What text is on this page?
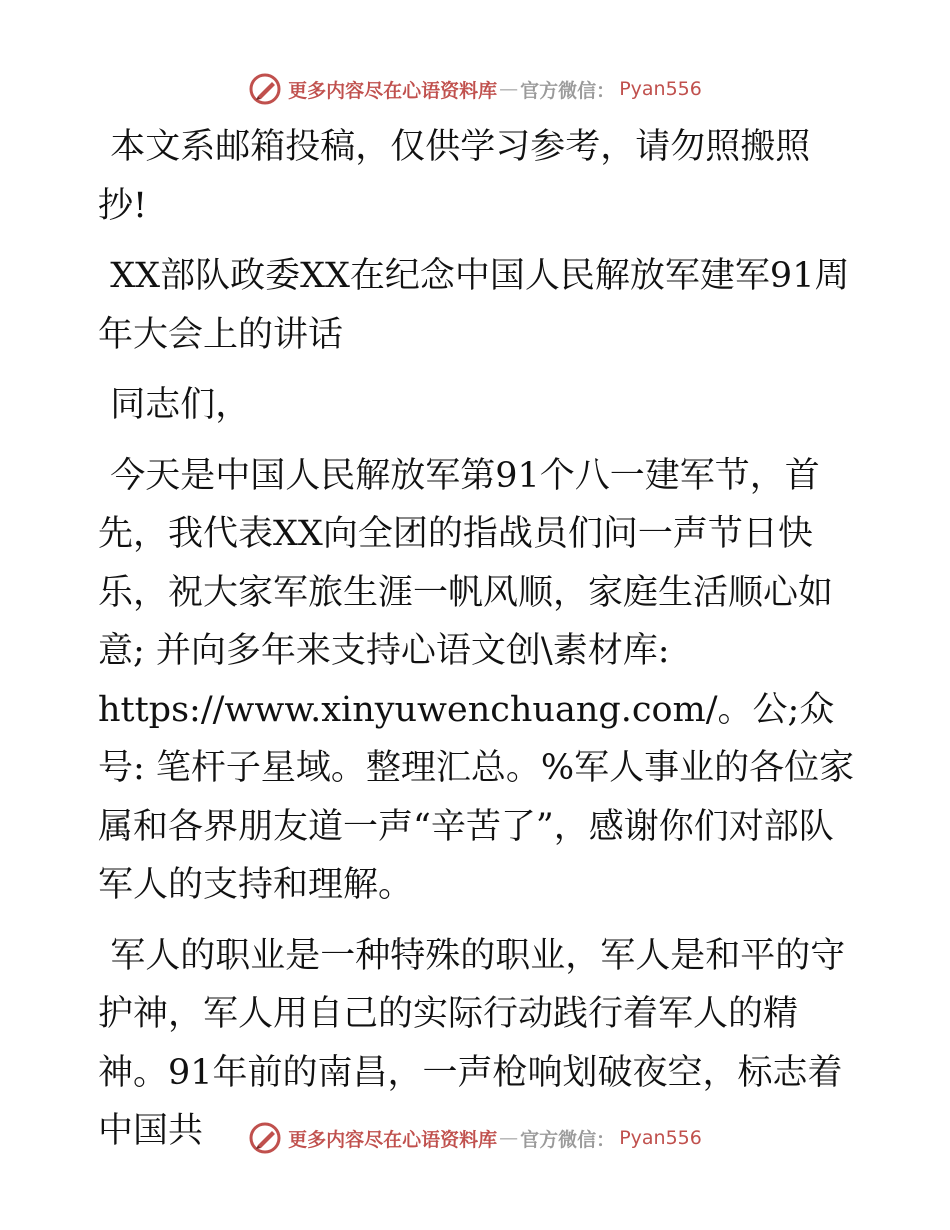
更多内容尽在心语资料库 — 官方微信： Pyan556

本文系邮箱投稿，仅供学习参考，请勿照搬照抄!

XX部队政委XX在纪念中国人民解放军建军91周年大会上的讲话

同志们，

今天是中国人民解放军第91个八一建军节，首先，我代表XX向全团的指战员们问一声节日快乐，祝大家军旅生涯一帆风顺，家庭生活顺心如意; 并向多年来支持心语文创\素材库: https://www.xinyuwenchuang.com/。公;众号: 笔杆子星域。整理汇总。%军人事业的各位家属和各界朋友道一声“辛苦了”，感谢你们对部队军人的支持和理解。

军人的职业是一种特殊的职业，军人是和平的守护神，军人用自己的实际行动践行着军人的精神。91年前的南昌，一声枪响划破夜空，标志着中国共	更多内容尽在心语资料库 — 官方微信： Pyan556
